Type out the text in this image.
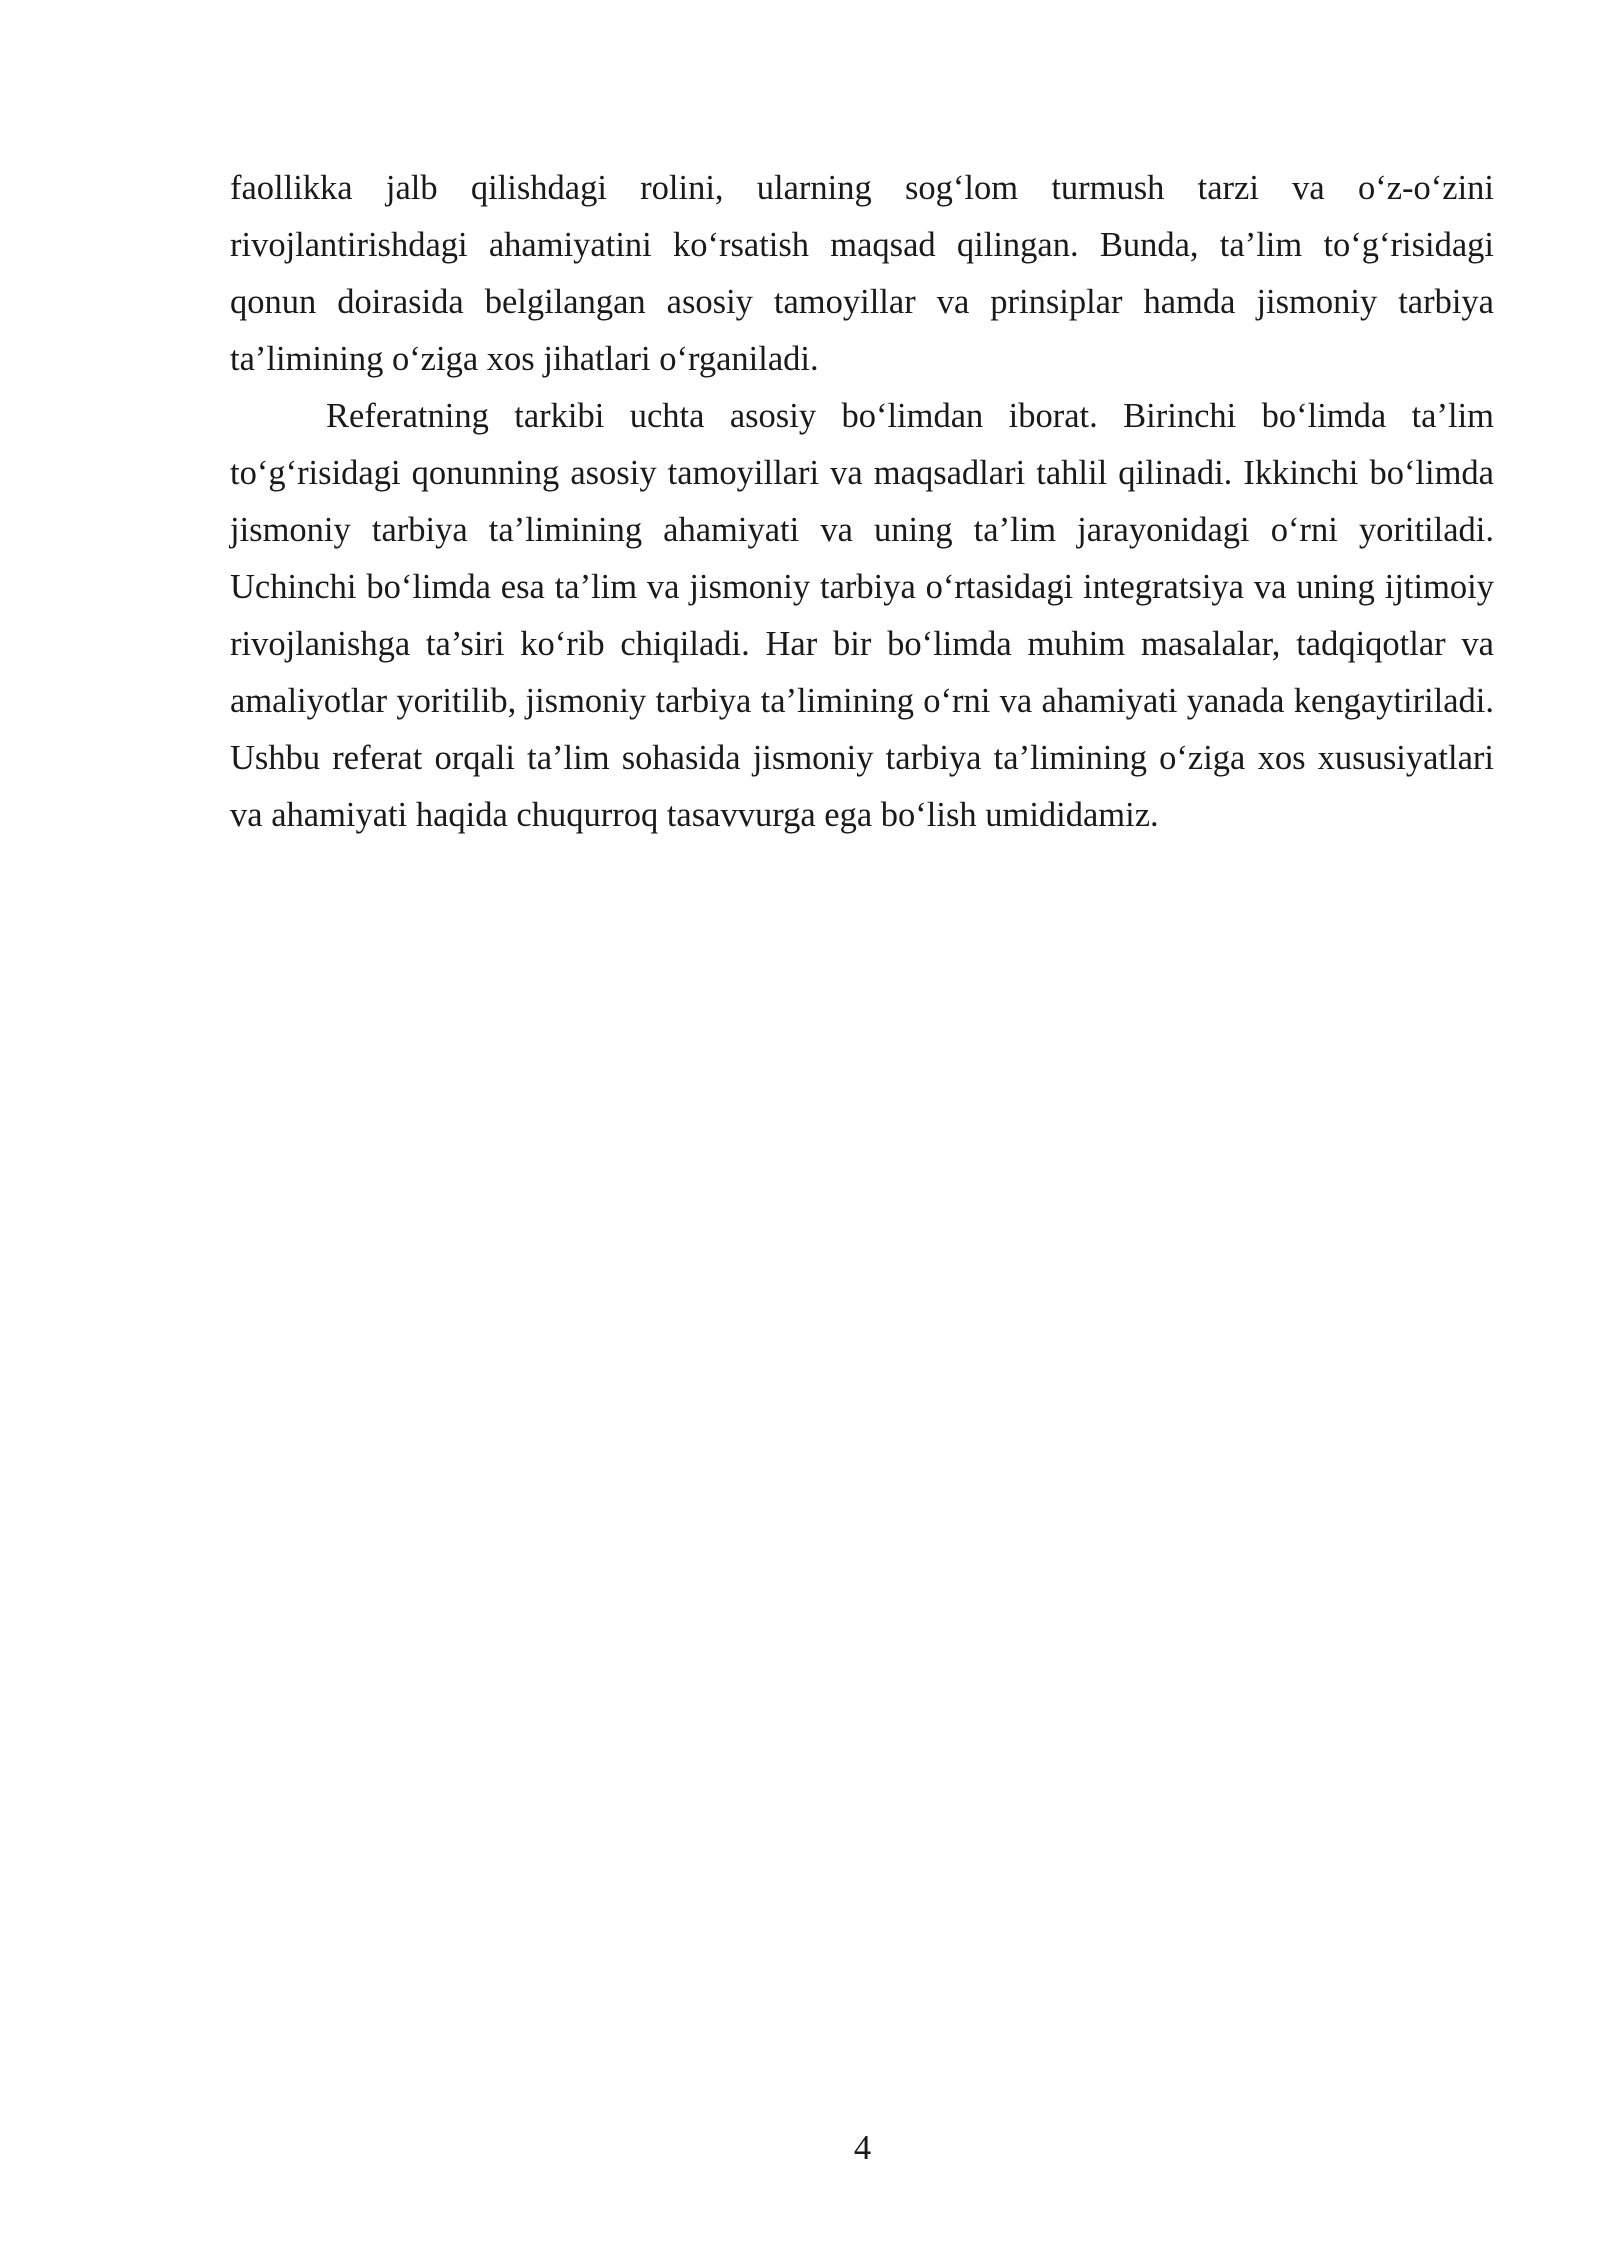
faollikka jalb qilishdagi rolini, ularning sog‘lom turmush tarzi va o‘z-o‘zini rivojlantirishdagi ahamiyatini ko‘rsatish maqsad qilingan. Bunda, ta’lim to‘g‘risidagi qonun doirasida belgilangan asosiy tamoyillar va prinsiplar hamda jismoniy tarbiya ta’limining o‘ziga xos jihatlari o‘rganiladi.

Referatning tarkibi uchta asosiy bo‘limdan iborat. Birinchi bo‘limda ta’lim to‘g‘risidagi qonunning asosiy tamoyillari va maqsadlari tahlil qilinadi. Ikkinchi bo‘limda jismoniy tarbiya ta’limining ahamiyati va uning ta’lim jarayonidagi o‘rni yoritiladi. Uchinchi bo‘limda esa ta’lim va jismoniy tarbiya o‘rtasidagi integratsiya va uning ijtimoiy rivojlanishga ta’siri ko‘rib chiqiladi. Har bir bo‘limda muhim masalalar, tadqiqotlar va amaliyotlar yoritilib, jismoniy tarbiya ta’limining o‘rni va ahamiyati yanada kengaytiriladi. Ushbu referat orqali ta’lim sohasida jismoniy tarbiya ta’limining o‘ziga xos xususiyatlari va ahamiyati haqida chuqurroq tasavvurga ega bo‘lish umididamiz.

4
